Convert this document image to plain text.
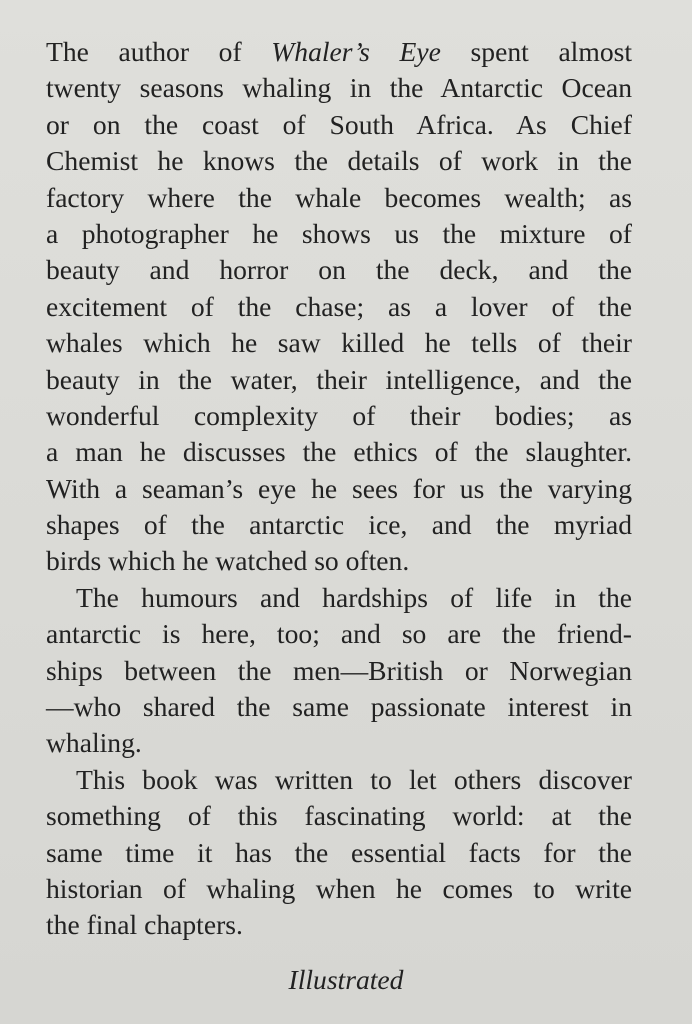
The author of Whaler’s Eye spent almost
twenty seasons whaling in the Antarctic Ocean
or on the coast of South Africa. As Chief
Chemist he knows the details of work in the
factory where the whale becomes wealth; as
a photographer he shows us the mixture of
beauty and horror on the deck, and the
excitement of the chase; as a lover of the
whales which he saw killed he tells of their
beauty in the water, their intelligence, and the
wonderful complexity of their bodies; as
a man he discusses the ethics of the slaughter.
With a seaman’s eye he sees for us the varying
shapes of the antarctic ice, and the myriad
birds which he watched so often.
The humours and hardships of life in the
antarctic is here, too; and so are the friend-
ships between the men—British or Norwegian
—who shared the same passionate interest in
whaling.
This book was written to let others discover
something of this fascinating world: at the
same time it has the essential facts for the
historian of whaling when he comes to write
the final chapters.
Illustrated
